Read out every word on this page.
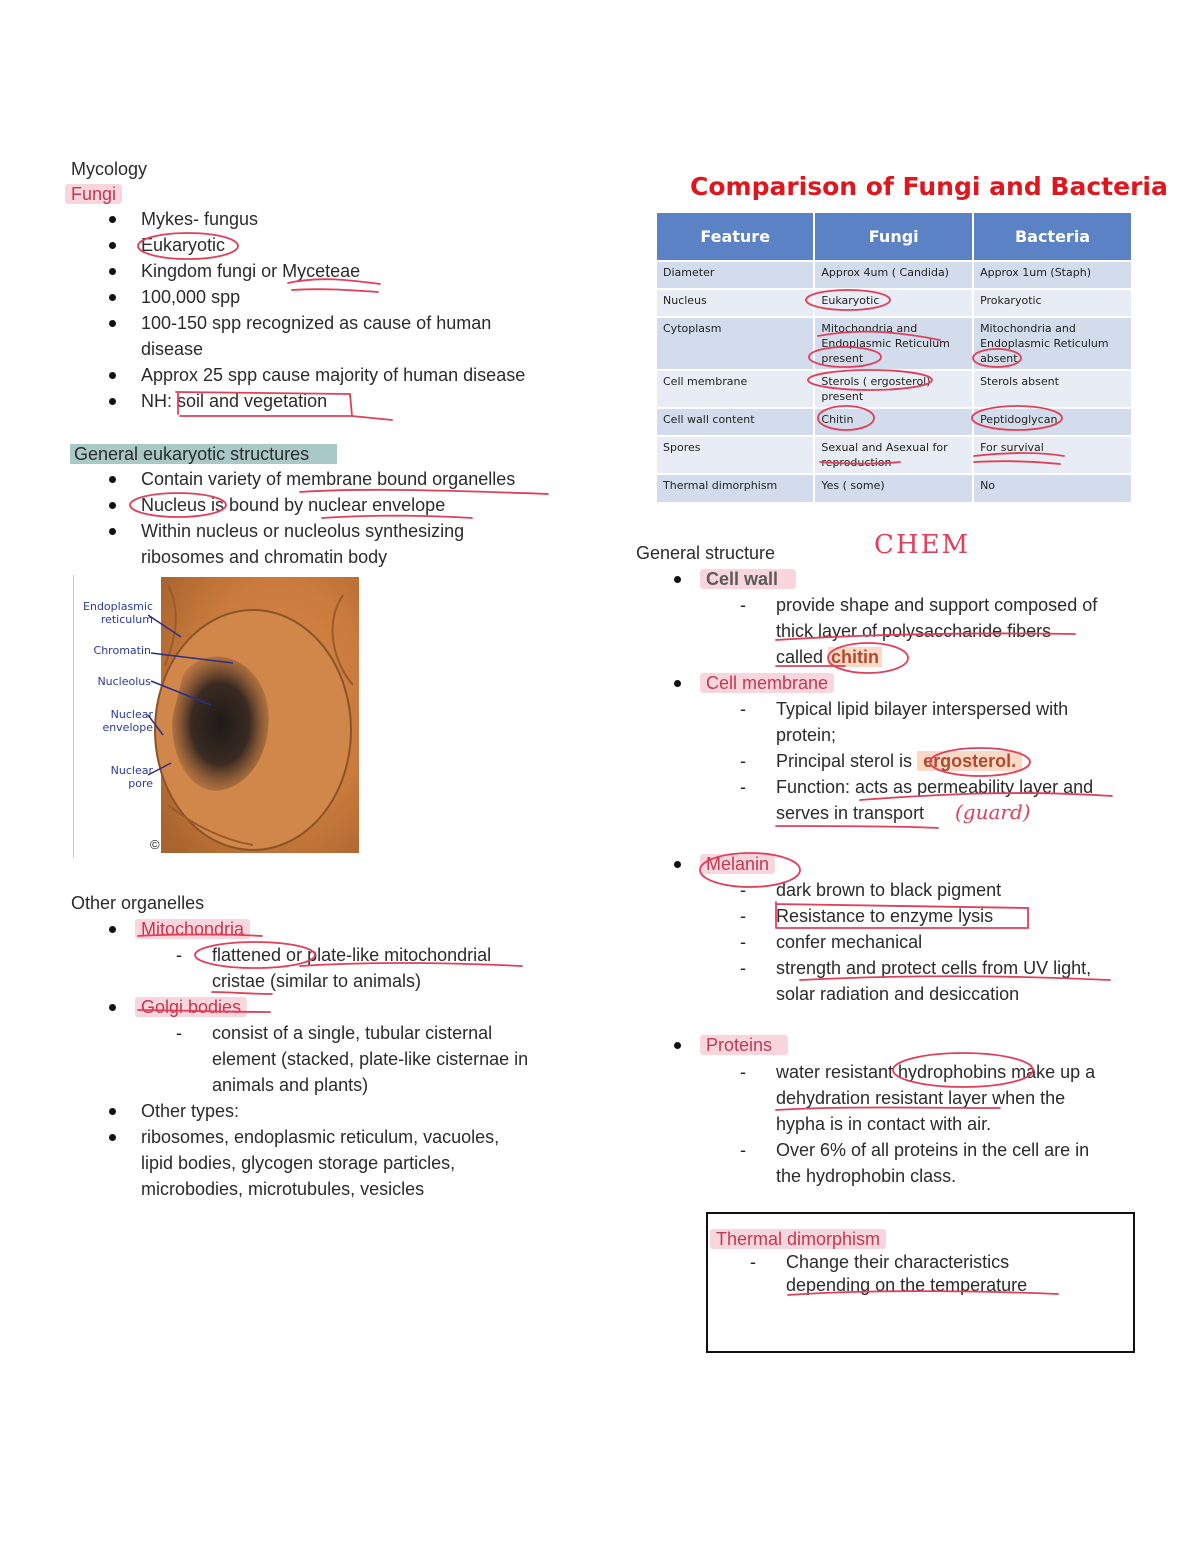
Mycology
Fungi
Mykes- fungus
Eukaryotic
Kingdom fungi or Myceteae
100,000 spp
100-150 spp recognized as cause of human
disease
Approx 25 spp cause majority of human disease
NH: soil and vegetation
General eukaryotic structures
Contain variety of membrane bound organelles
Nucleus is bound by nuclear envelope
Within nucleus or nucleolus synthesizing
ribosomes and chromatin body
Endoplasmic
reticulum
Chromatin
Nucleolus
Nuclear
envelope
Nuclear
pore
©
Other organelles
Mitochondria
- flattened or plate-like mitochondrial
cristae (similar to animals)
Golgi bodies
- consist of a single, tubular cisternal
element (stacked, plate-like cisternae in
animals and plants)
Other types:
ribosomes, endoplasmic reticulum, vacuoles,
lipid bodies, glycogen storage particles,
microbodies, microtubules, vesicles
Comparison of Fungi and Bacteria
Feature	Fungi	Bacteria
Diameter	Approx 4um ( Candida)	Approx 1um (Staph)
Nucleus	Eukaryotic	Prokaryotic
Cytoplasm	Mitochondria and Endoplasmic Reticulum present	Mitochondria and Endoplasmic Reticulum absent
Cell membrane	Sterols ( ergosterol) present	Sterols absent
Cell wall content	Chitin	Peptidoglycan
Spores	Sexual and Asexual for reproduction	For survival
Thermal dimorphism	Yes ( some)	No
General structure	CHEM
Cell wall
- provide shape and support composed of
thick layer of polysaccharide fibers
called chitin
Cell membrane
- Typical lipid bilayer interspersed with
protein;
- Principal sterol is ergosterol.
- Function: acts as permeability layer and
serves in transport (guard)
Melanin
- dark brown to black pigment
- Resistance to enzyme lysis
- confer mechanical
- strength and protect cells from UV light,
solar radiation and desiccation
Proteins
- water resistant hydrophobins make up a
dehydration resistant layer when the
hypha is in contact with air.
- Over 6% of all proteins in the cell are in
the hydrophobin class.
Thermal dimorphism
- Change their characteristics
depending on the temperature
